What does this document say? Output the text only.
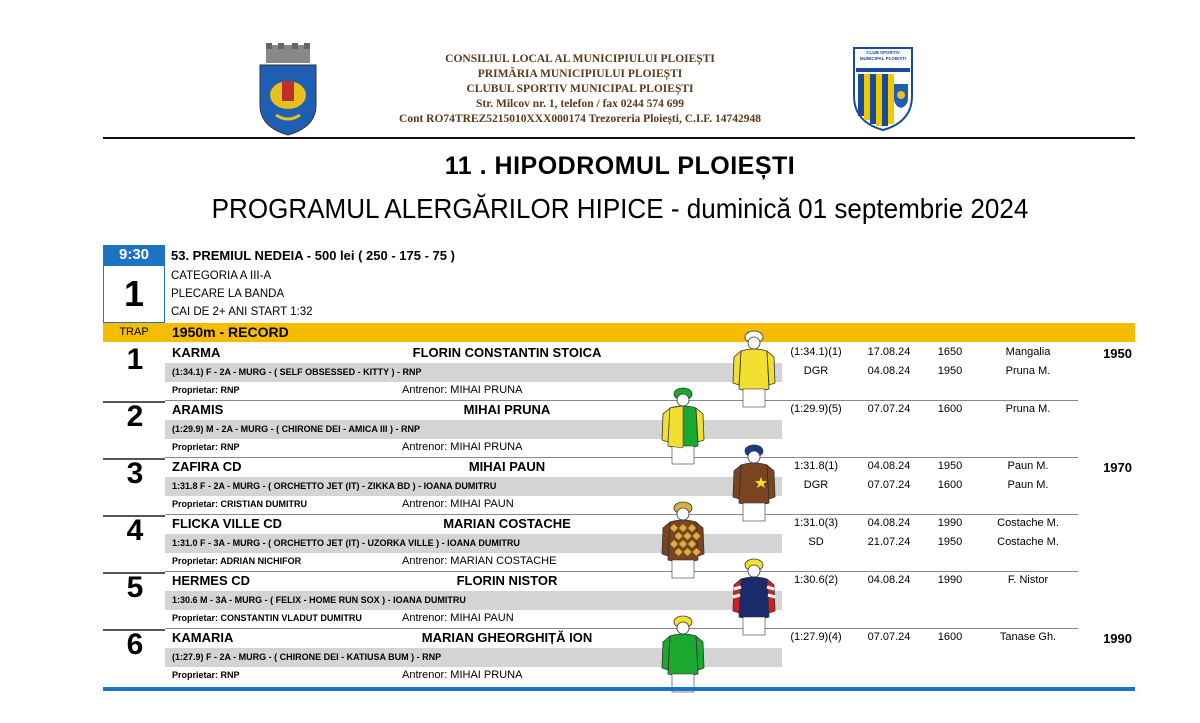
CONSILIUL LOCAL AL MUNICIPIULUI PLOIEȘTI
PRIMĂRIA MUNICIPIULUI PLOIEȘTI
CLUBUL SPORTIV MUNICIPAL PLOIEȘTI
Str. Milcov nr. 1, telefon / fax 0244 574 699
Cont RO74TREZ5215010XXX000174 Trezoreria Ploiești, C.I.F. 14742948
CLUB SPORTIV MUNICIPAL PLOIESTI
11 . HIPODROMUL PLOIEȘTI
PROGRAMUL ALERGĂRILOR HIPICE - duminică 01 septembrie 2024
9:30
1
53. PREMIUL NEDEIA - 500 lei ( 250 - 175 - 75 )
CATEGORIA A III-A
PLECARE LA BANDA
CAI DE 2+ ANI START 1:32
TRAP	1950m - RECORD
1	KARMA	FLORIN CONSTANTIN STOICA
(1:34.1) F - 2A - MURG - ( SELF OBSESSED - KITTY ) - RNP
Proprietar: RNP	Antrenor: MIHAI PRUNA
(1:34.1)(1)	17.08.24	1650	Mangalia
DGR	04.08.24	1950	Pruna M.
1950
2	ARAMIS	MIHAI PRUNA
(1:29.9) M - 2A - MURG - ( CHIRONE DEI - AMICA III ) - RNP
Proprietar: RNP	Antrenor: MIHAI PRUNA
(1:29.9)(5)	07.07.24	1600	Pruna M.
3	ZAFIRA CD	MIHAI PAUN
1:31.8 F - 2A - MURG - ( ORCHETTO JET (IT) - ZIKKA BD ) - IOANA DUMITRU
Proprietar: CRISTIAN DUMITRU	Antrenor: MIHAI PAUN
1:31.8(1)	04.08.24	1950	Paun M.
DGR	07.07.24	1600	Paun M.
1970
4	FLICKA VILLE CD	MARIAN COSTACHE
1:31.0 F - 3A - MURG - ( ORCHETTO JET (IT) - UZORKA VILLE ) - IOANA DUMITRU
Proprietar: ADRIAN NICHIFOR	Antrenor: MARIAN COSTACHE
1:31.0(3)	04.08.24	1990	Costache M.
SD	21.07.24	1950	Costache M.
5	HERMES CD	FLORIN NISTOR
1:30.6 M - 3A - MURG - ( FELIX - HOME RUN SOX ) - IOANA DUMITRU
Proprietar: CONSTANTIN VLADUT DUMITRU	Antrenor: MIHAI PAUN
1:30.6(2)	04.08.24	1990	F. Nistor
6	KAMARIA	MARIAN GHEORGHIȚĂ ION
(1:27.9) F - 2A - MURG - ( CHIRONE DEI - KATIUSA BUM ) - RNP
Proprietar: RNP	Antrenor: MIHAI PRUNA
(1:27.9)(4)	07.07.24	1600	Tanase Gh.	1990
